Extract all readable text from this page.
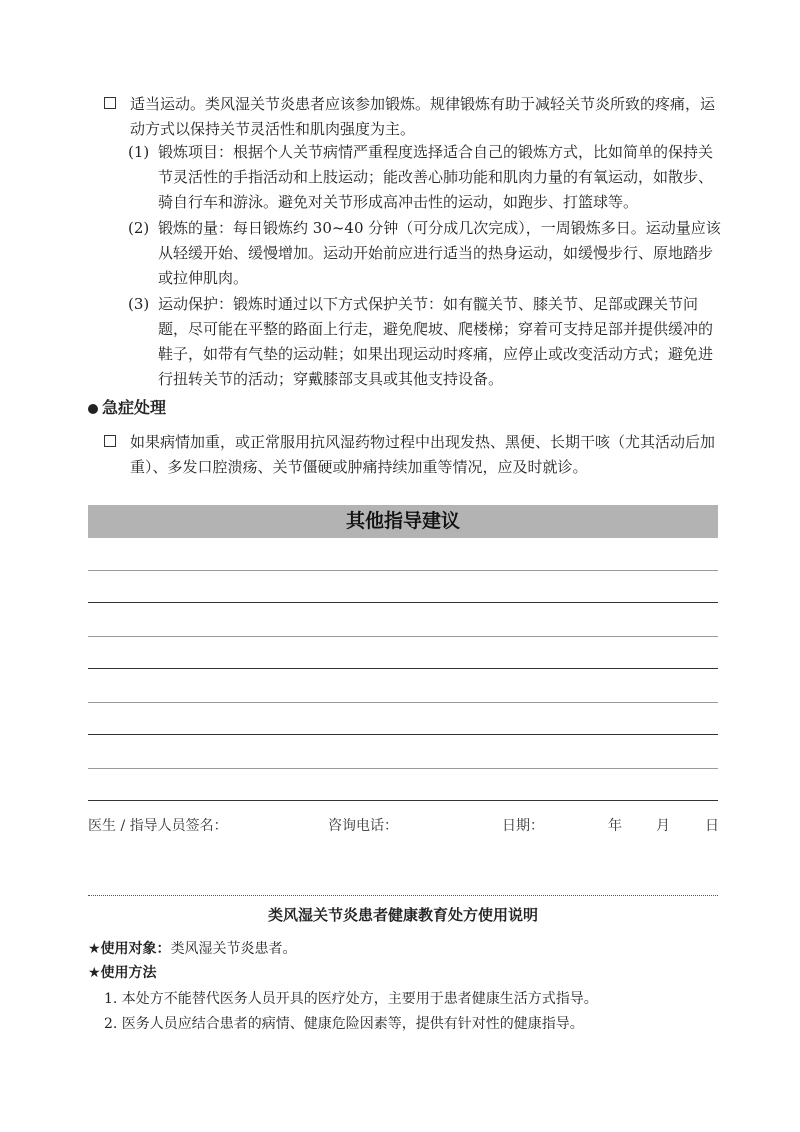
适当运动。类风湿关节炎患者应该参加锻炼。规律锻炼有助于减轻关节炎所致的疼痛，运动方式以保持关节灵活性和肌肉强度为主。
(1) 锻炼项目：根据个人关节病情严重程度选择适合自己的锻炼方式，比如简单的保持关节灵活性的手指活动和上肢运动；能改善心肺功能和肌肉力量的有氧运动，如散步、骑自行车和游泳。避免对关节形成高冲击性的运动，如跑步、打篮球等。
(2) 锻炼的量：每日锻炼约 30~40 分钟（可分成几次完成），一周锻炼多日。运动量应该从轻缓开始、缓慢增加。运动开始前应进行适当的热身运动，如缓慢步行、原地踏步或拉伸肌肉。
(3) 运动保护：锻炼时通过以下方式保护关节：如有髋关节、膝关节、足部或踝关节问题，尽可能在平整的路面上行走，避免爬坡、爬楼梯；穿着可支持足部并提供缓冲的鞋子，如带有气垫的运动鞋；如果出现运动时疼痛，应停止或改变活动方式；避免进行扭转关节的活动；穿戴膝部支具或其他支持设备。
急症处理
如果病情加重，或正常服用抗风湿药物过程中出现发热、黑便、长期干咳（尤其活动后加重）、多发口腔溃疡、关节僵硬或肿痛持续加重等情况，应及时就诊。
其他指导建议
医生 / 指导人员签名：	咨询电话：	日期：	年 月	日
类风湿关节炎患者健康教育处方使用说明
★使用对象：类风湿关节炎患者。
★使用方法
1. 本处方不能替代医务人员开具的医疗处方，主要用于患者健康生活方式指导。
2. 医务人员应结合患者的病情、健康危险因素等，提供有针对性的健康指导。
